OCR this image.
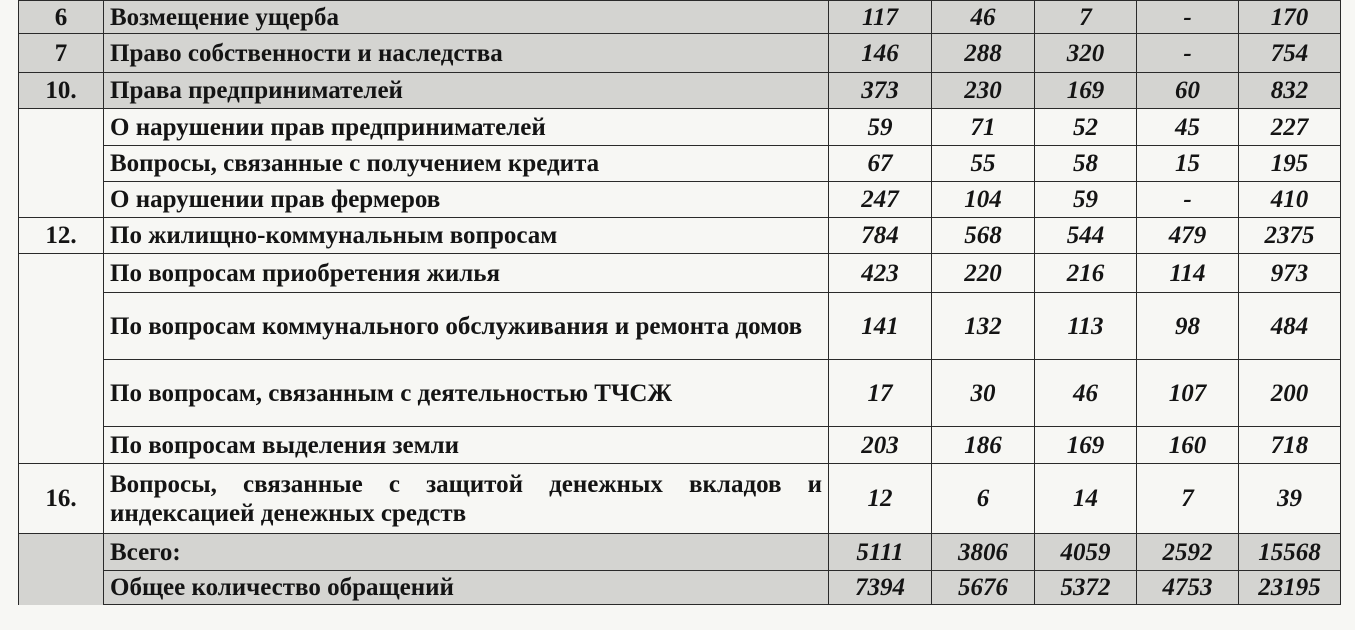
6	Возмещение ущерба	117	46	7	-	170
7	Право собственности и наследства	146	288	320	-	754
10.	Права предпринимателей	373	230	169	60	832
	О нарушении прав предпринимателей	59	71	52	45	227
	Вопросы, связанные с получением кредита	67	55	58	15	195
	О нарушении прав фермеров	247	104	59	-	410
12.	По жилищно-коммунальным вопросам	784	568	544	479	2375
	По вопросам приобретения жилья	423	220	216	114	973
	По вопросам коммунального обслуживания и ремонта домов	141	132	113	98	484
	По вопросам, связанным с деятельностью ТЧСЖ	17	30	46	107	200
	По вопросам выделения земли	203	186	169	160	718
16.	Вопросы, связанные с защитой денежных вкладов и индексацией денежных средств	12	6	14	7	39
	Всего:	5111	3806	4059	2592	15568
	Общее количество обращений	7394	5676	5372	4753	23195
